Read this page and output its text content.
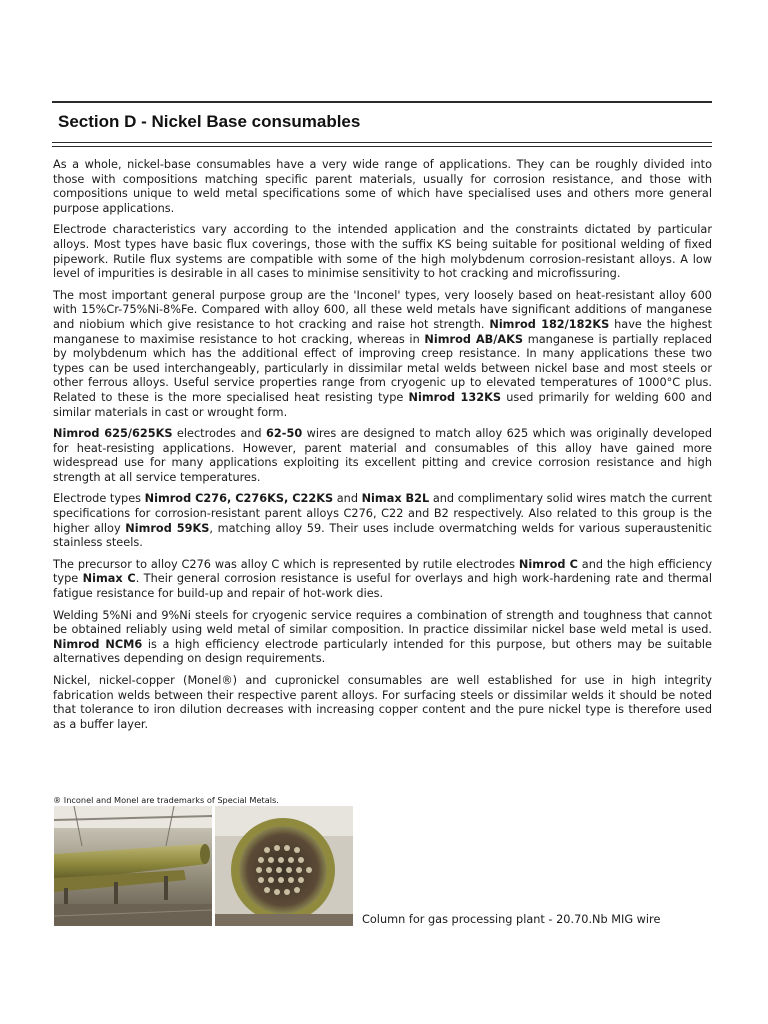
Section D - Nickel Base consumables

As a whole, nickel-base consumables have a very wide range of applications. They can be roughly divided into those with compositions matching specific parent materials, usually for corrosion resistance, and those with compositions unique to weld metal specifications some of which have specialised uses and others more general purpose applications.

Electrode characteristics vary according to the intended application and the constraints dictated by particular alloys. Most types have basic flux coverings, those with the suffix KS being suitable for positional welding of fixed pipework. Rutile flux systems are compatible with some of the high molybdenum corrosion-resistant alloys. A low level of impurities is desirable in all cases to minimise sensitivity to hot cracking and microfissuring.

The most important general purpose group are the 'Inconel' types, very loosely based on heat-resistant alloy 600 with 15%Cr-75%Ni-8%Fe. Compared with alloy 600, all these weld metals have significant additions of manganese and niobium which give resistance to hot cracking and raise hot strength. Nimrod 182/182KS have the highest manganese to maximise resistance to hot cracking, whereas in Nimrod AB/AKS manganese is partially replaced by molybdenum which has the additional effect of improving creep resistance. In many applications these two types can be used interchangeably, particularly in dissimilar metal welds between nickel base and most steels or other ferrous alloys. Useful service properties range from cryogenic up to elevated temperatures of 1000°C plus. Related to these is the more specialised heat resisting type Nimrod 132KS used primarily for welding 600 and similar materials in cast or wrought form.

Nimrod 625/625KS electrodes and 62-50 wires are designed to match alloy 625 which was originally developed for heat-resisting applications. However, parent material and consumables of this alloy have gained more widespread use for many applications exploiting its excellent pitting and crevice corrosion resistance and high strength at all service temperatures.

Electrode types Nimrod C276, C276KS, C22KS and Nimax B2L and complimentary solid wires match the current specifications for corrosion-resistant parent alloys C276, C22 and B2 respectively. Also related to this group is the higher alloy Nimrod 59KS, matching alloy 59. Their uses include overmatching welds for various superaustenitic stainless steels.

The precursor to alloy C276 was alloy C which is represented by rutile electrodes Nimrod C and the high efficiency type Nimax C. Their general corrosion resistance is useful for overlays and high work-hardening rate and thermal fatigue resistance for build-up and repair of hot-work dies.

Welding 5%Ni and 9%Ni steels for cryogenic service requires a combination of strength and toughness that cannot be obtained reliably using weld metal of similar composition. In practice dissimilar nickel base weld metal is used. Nimrod NCM6 is a high efficiency electrode particularly intended for this purpose, but others may be suitable alternatives depending on design requirements.

Nickel, nickel-copper (Monel®) and cupronickel consumables are well established for use in high integrity fabrication welds between their respective parent alloys. For surfacing steels or dissimilar welds it should be noted that tolerance to iron dilution decreases with increasing copper content and the pure nickel type is therefore used as a buffer layer.

® Inconel and Monel are trademarks of Special Metals.

Column for gas processing plant - 20.70.Nb MIG wire
